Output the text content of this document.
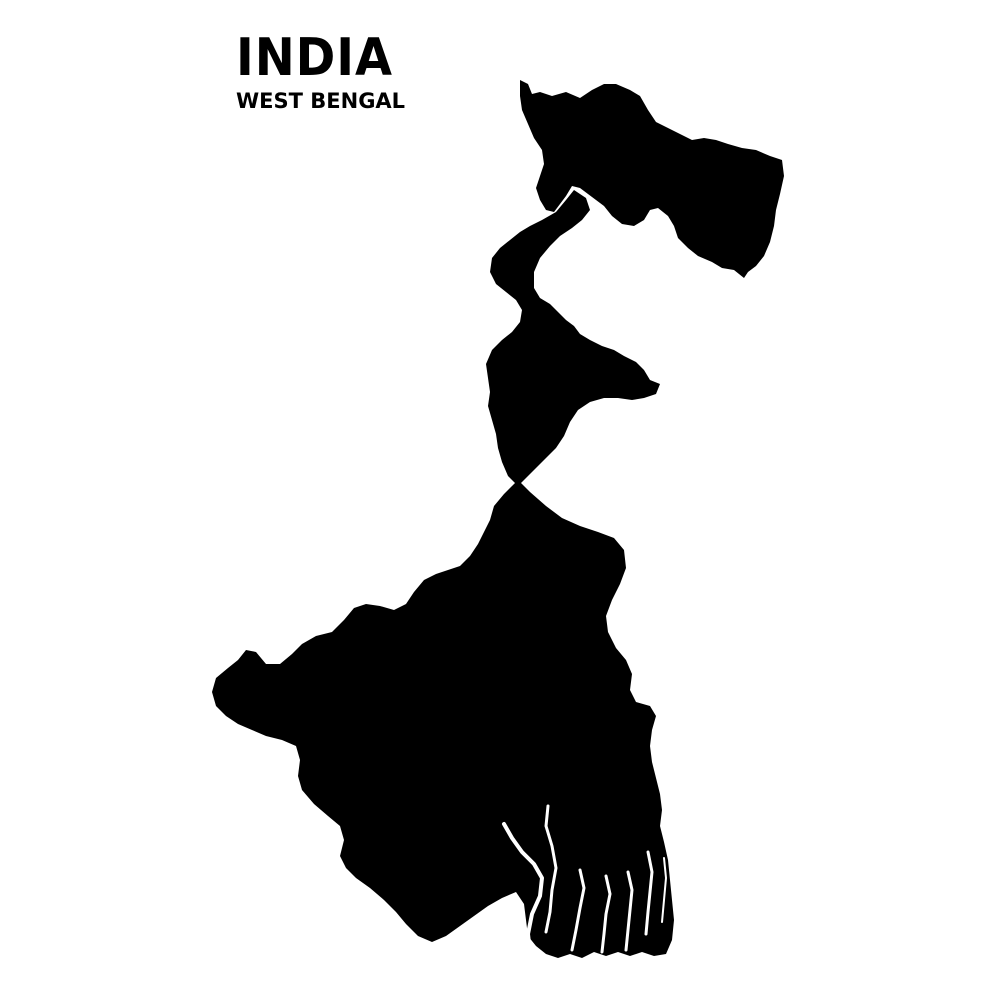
INDIA
WEST BENGAL
